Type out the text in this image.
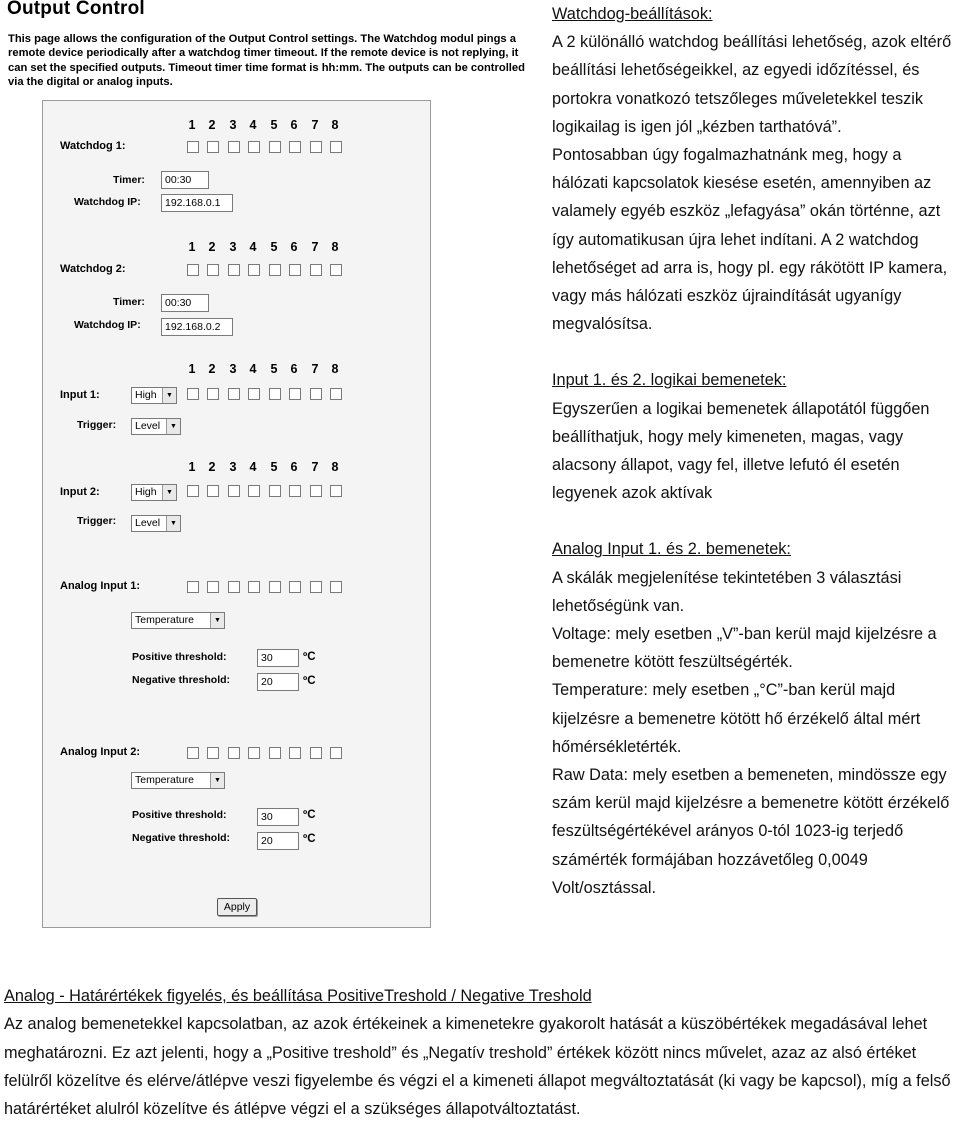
Output Control
This page allows the configuration of the Output Control settings. The Watchdog modul pings a remote device periodically after a watchdog timer timeout. If the remote device is not replying, it can set the specified outputs. Timeout timer time format is hh:mm. The outputs can be controlled via the digital or analog inputs.
1 2 3 4 5 6 7 8
Watchdog 1:
Timer:	00:30
Watchdog IP:	192.168.0.1
1 2 3 4 5 6 7 8
Watchdog 2:
Timer:	00:30
Watchdog IP:	192.168.0.2
1 2 3 4 5 6 7 8
Input 1:	High	▼
Trigger:	Level	▼
1 2 3 4 5 6 7 8
Input 2:	High	▼
Trigger:	Level	▼
Analog Input 1:
Temperature	▼
Positive threshold:	30	ºC
Negative threshold:	20	ºC
Analog Input 2:
Temperature	▼
Positive threshold:	30	ºC
Negative threshold:	20	ºC
Apply

Watchdog-beállítások:

A 2 különálló watchdog beállítási lehetőség, azok eltérő beállítási lehetőségeikkel, az egyedi időzítéssel, és portokra vonatkozó tetszőleges műveletekkel teszik logikailag is igen jól „kézben tarthatóvá”.

Pontosabban úgy fogalmazhatnánk meg, hogy a hálózati kapcsolatok kiesése esetén, amennyiben az valamely egyéb eszköz „lefagyása” okán történne, azt így automatikusan újra lehet indítani. A 2 watchdog lehetőséget ad arra is, hogy pl. egy rákötött IP kamera, vagy más hálózati eszköz újraindítását ugyanígy megvalósítsa.

Input 1. és 2. logikai bemenetek:

Egyszerűen a logikai bemenetek állapotától függően beállíthatjuk, hogy mely kimeneten, magas, vagy alacsony állapot, vagy fel, illetve lefutó él esetén legyenek azok aktívak

Analog Input 1. és 2. bemenetek:

A skálák megjelenítése tekintetében 3 választási lehetőségünk van.

Voltage: mely esetben „V”-ban kerül majd kijelzésre a bemenetre kötött feszültségérték.

Temperature: mely esetben „°C”-ban kerül majd kijelzésre a bemenetre kötött hő érzékelő által mért hőmérsékletérték.

Raw Data: mely esetben a bemeneten, mindössze egy szám kerül majd kijelzésre a bemenetre kötött érzékelő feszültségértékével arányos 0-tól 1023-ig terjedő számérték formájában hozzávetőleg 0,0049 Volt/osztással.

Analog - Határértékek figyelés, és beállítása PositiveTreshold / Negative Treshold

Az analog bemenetekkel kapcsolatban, az azok értékeinek a kimenetekre gyakorolt hatását a küszöbértékek megadásával lehet meghatározni. Ez azt jelenti, hogy a „Positive treshold” és „Negatív treshold” értékek között nincs művelet, azaz az alsó értéket felülről közelítve és elérve/átlépve veszi figyelembe és végzi el a kimeneti állapot megváltoztatását (ki vagy be kapcsol), míg a felső határértéket alulról közelítve és átlépve végzi el a szükséges állapotváltoztatást.
